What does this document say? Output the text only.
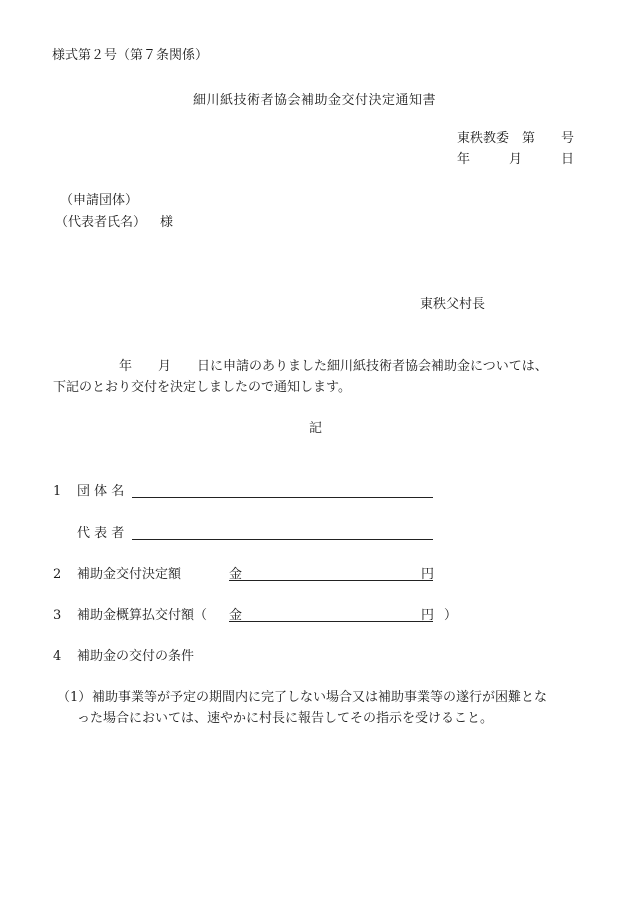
様式第２号（第７条関係）
細川紙技術者協会補助金交付決定通知書
東秩教委　第　　号
年　　　月　　　日
（申請団体）
（代表者氏名） 様
東秩父村長
年　　月　　日に申請のありました細川紙技術者協会補助金については、
下記のとおり交付を決定しましたので通知します。
記
1 団 体 名
代 表 者
2 補助金交付決定額	金	円
3 補助金概算払交付額（ 金	円 ）
4 補助金の交付の条件
（1） 補助事業等が予定の期間内に完了しない場合又は補助事業等の遂行が困難とな
った場合においては、速やかに村長に報告してその指示を受けること。
